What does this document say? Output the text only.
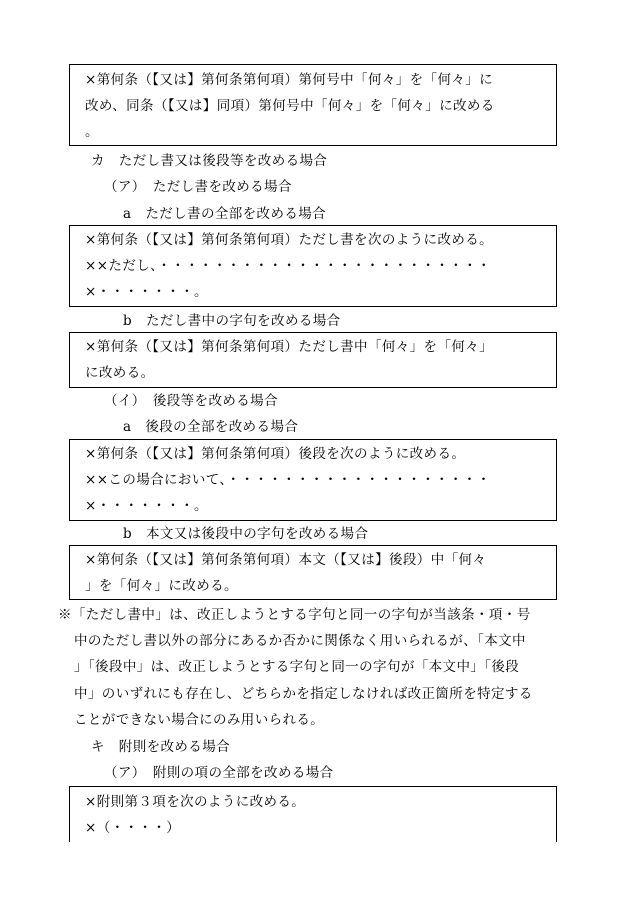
×第何条（【又は】第何条第何項）第何号中「何々」を「何々」に
改め、同条（【又は】同項）第何号中「何々」を「何々」に改める
。
カ　ただし書又は後段等を改める場合
（ア）　ただし書を改める場合
a　ただし書の全部を改める場合
×第何条（【又は】第何条第何項）ただし書を次のように改める。
××ただし、・・・・・・・・・・・・・・・・・・・・・・・・
×・・・・・・・。
b　ただし書中の字句を改める場合
×第何条（【又は】第何条第何項）ただし書中「何々」を「何々」
に改める。
（イ）　後段等を改める場合
a　後段の全部を改める場合
×第何条（【又は】第何条第何項）後段を次のように改める。
××この場合において、・・・・・・・・・・・・・・・・・・・
×・・・・・・・。
b　本文又は後段中の字句を改める場合
×第何条（【又は】第何条第何項）本文（【又は】後段）中「何々
」を「何々」に改める。
※「ただし書中」は、改正しようとする字句と同一の字句が当該条・項・号
中のただし書以外の部分にあるか否かに関係なく用いられるが、「本文中
」「後段中」は、改正しようとする字句と同一の字句が「本文中」「後段
中」のいずれにも存在し、どちらかを指定しなければ改正箇所を特定する
ことができない場合にのみ用いられる。
キ　附則を改める場合
（ア）　附則の項の全部を改める場合
×附則第３項を次のように改める。
×（・・・・）
